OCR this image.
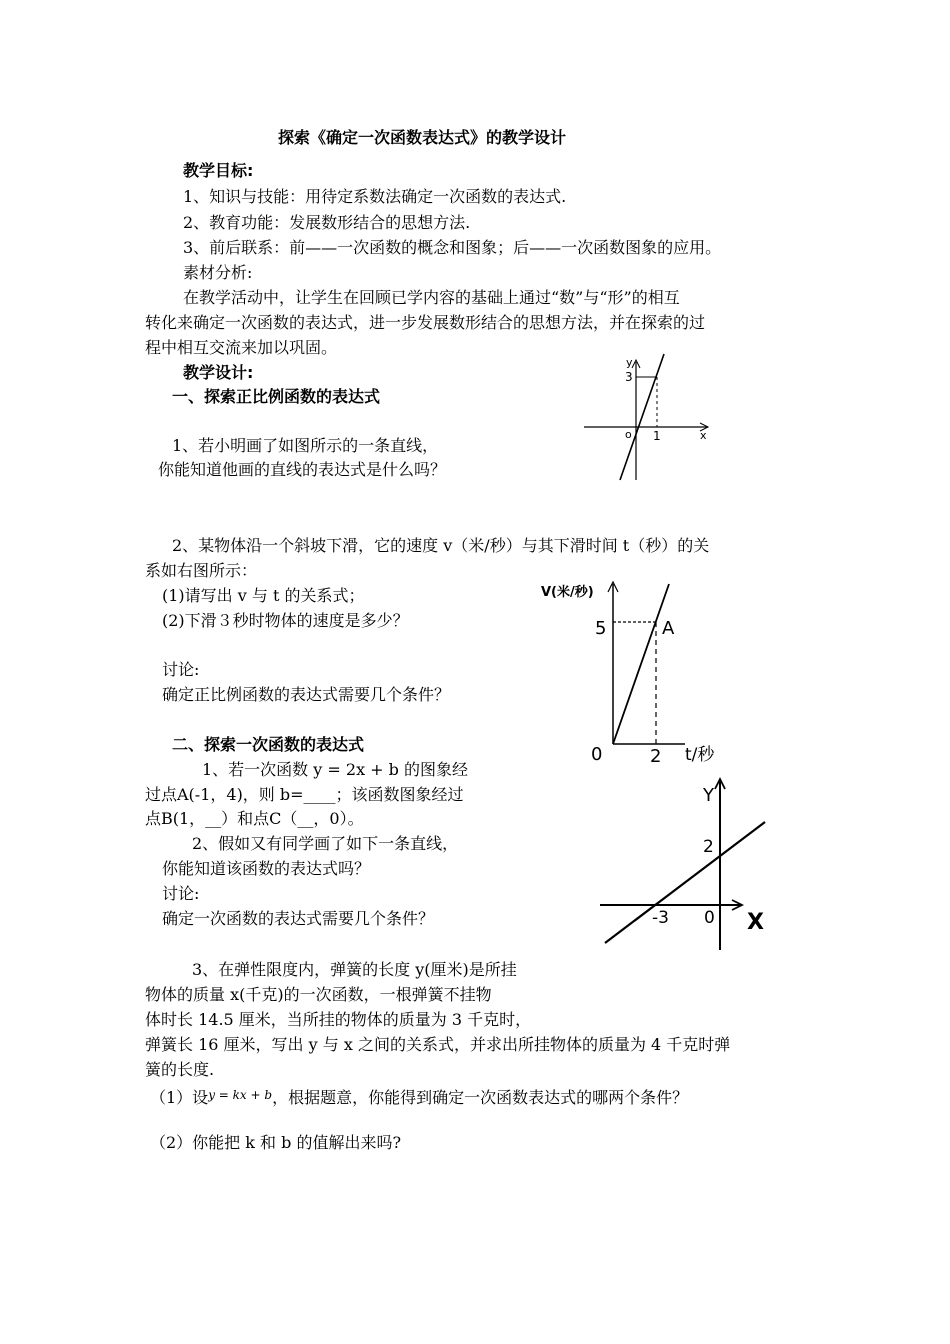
探索《确定一次函数表达式》的教学设计
教学目标:
1、知识与技能：用待定系数法确定一次函数的表达式.
2、教育功能：发展数形结合的思想方法.
3、前后联系：前——一次函数的概念和图象；后——一次函数图象的应用。
素材分析:
在教学活动中，让学生在回顾已学内容的基础上通过“数”与“形”的相互
转化来确定一次函数的表达式，进一步发展数形结合的思想方法，并在探索的过
程中相互交流来加以巩固。
教学设计:
一、探索正比例函数的表达式
1、若小明画了如图所示的一条直线，
你能知道他画的直线的表达式是什么吗？
2、某物体沿一个斜坡下滑，它的速度 v（米/秒）与其下滑时间 t（秒）的关
系如右图所示：
(1)请写出 v 与 t 的关系式；
(2)下滑３秒时物体的速度是多少？
讨论:
确定正比例函数的表达式需要几个条件？
二、探索一次函数的表达式
1、若一次函数 y = 2x + b 的图象经
过点A(-1，4)，则 b=____；该函数图象经过
点B(1，__）和点C（__，0）。
2、假如又有同学画了如下一条直线，
你能知道该函数的表达式吗？
讨论:
确定一次函数的表达式需要几个条件？
3、在弹性限度内，弹簧的长度 y(厘米)是所挂
物体的质量 x(千克)的一次函数，一根弹簧不挂物
体时长 14.5 厘米，当所挂的物体的质量为 3 千克时，
弹簧长 16 厘米，写出 y 与 x 之间的关系式，并求出所挂物体的质量为 4 千克时弹
簧的长度.
（1）设$^{y = kx + b}$，根据题意，你能得到确定一次函数表达式的哪两个条件？
（2）你能把 k 和 b 的值解出来吗?
y
3
o 1	x
V(米/秒)
5	A
0	2 t/秒
Y
2
-3 0 X
